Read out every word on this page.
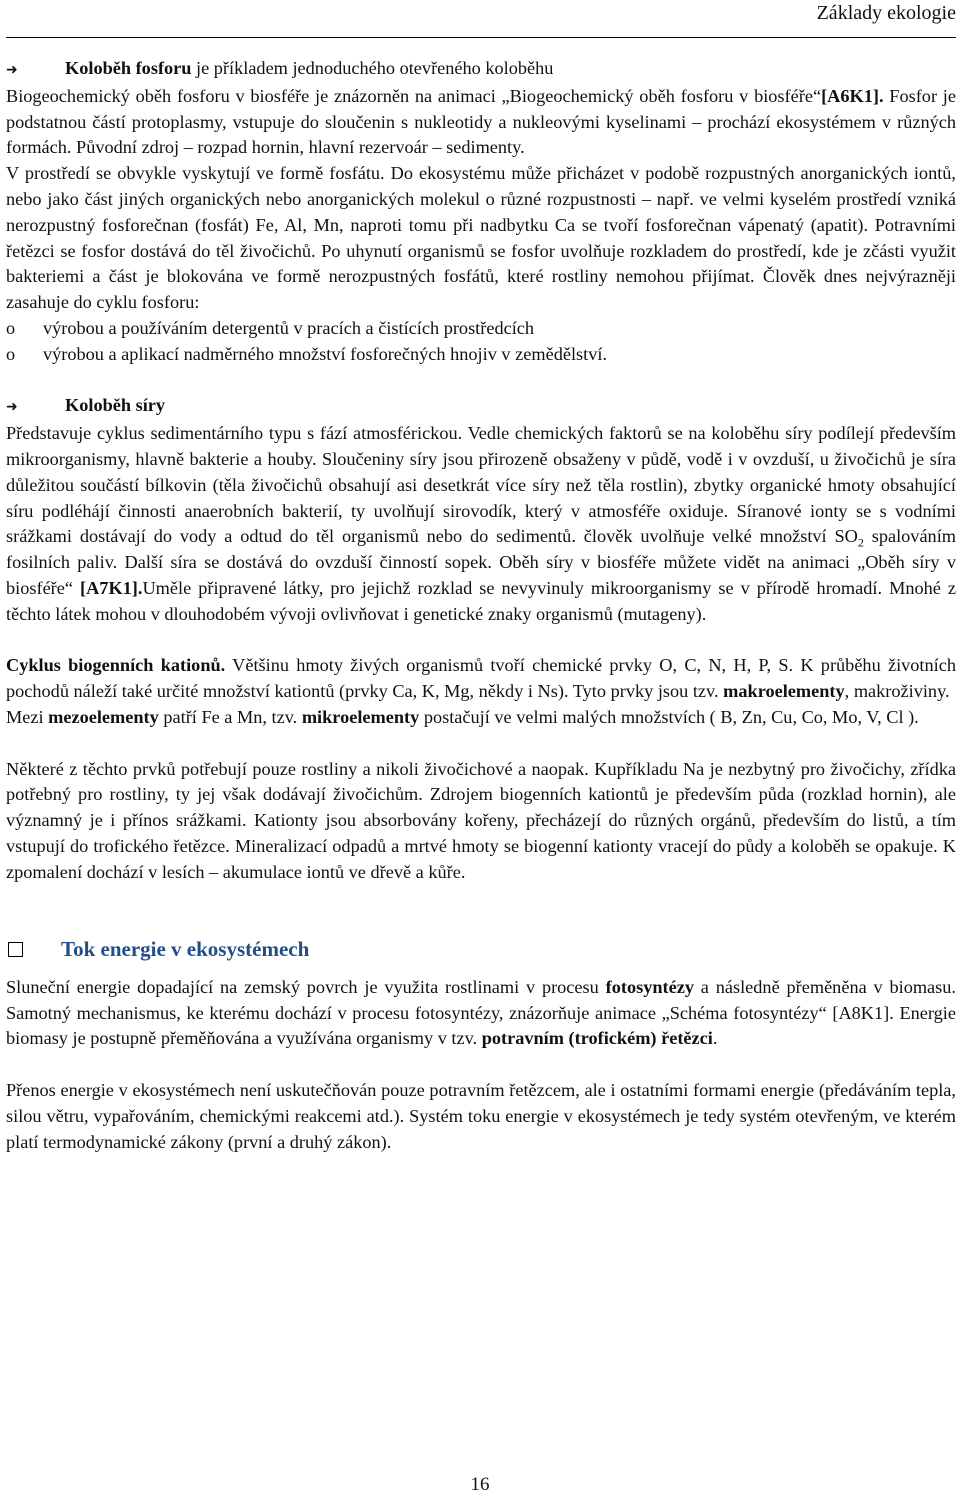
Základy ekologie

➜	Koloběh fosforu je příkladem jednoduchého otevřeného koloběhu

Biogeochemický oběh fosforu v biosféře je znázorněn na animaci „Biogeochemický oběh fosforu v biosféře“[A6K1]. Fosfor je podstatnou částí protoplasmy, vstupuje do sloučenin s nukleotidy a nukleovými kyselinami – prochází ekosystémem v různých formách. Původní zdroj – rozpad hornin, hlavní rezervoár – sedimenty.

V prostředí se obvykle vyskytují ve formě fosfátu. Do ekosystému může přicházet v podobě rozpustných anorganických iontů, nebo jako část jiných organických nebo anorganických molekul o různé rozpustnosti – např. ve velmi kyselém prostředí vzniká nerozpustný fosforečnan (fosfát) Fe, Al, Mn, naproti tomu při nadbytku Ca se tvoří fosforečnan vápenatý (apatit). Potravními řetězci se fosfor dostává do těl živočichů. Po uhynutí organismů se fosfor uvolňuje rozkladem do prostředí, kde je zčásti využit bakteriemi a část je blokována ve formě nerozpustných fosfátů, které rostliny nemohou přijímat. Člověk dnes nejvýrazněji zasahuje do cyklu fosforu:

o	výrobou a používáním detergentů v pracích a čistících prostředcích
o	výrobou a aplikací nadměrného množství fosforečných hnojiv v zemědělství.

➜	Koloběh síry

Představuje cyklus sedimentárního typu s fází atmosférickou. Vedle chemických faktorů se na koloběhu síry podílejí především mikroorganismy, hlavně bakterie a houby. Sloučeniny síry jsou přirozeně obsaženy v půdě, vodě i v ovzduší, u živočichů je síra důležitou součástí bílkovin (těla živočichů obsahují asi desetkrát více síry než těla rostlin), zbytky organické hmoty obsahující síru podléhájí činnosti anaerobních bakterií, ty uvolňují sirovodík, který v atmosféře oxiduje. Síranové ionty se s vodními srážkami dostávají do vody a odtud do těl organismů nebo do sedimentů. člověk uvolňuje velké množství $SO_2$ spalováním fosilních paliv. Další síra se dostává do ovzduší činností sopek. Oběh síry v biosféře můžete vidět na animaci „Oběh síry v biosféře“ [A7K1].Uměle připravené látky, pro jejichž rozklad se nevyvinuly mikroorganismy se v přírodě hromadí. Mnohé z těchto látek mohou v dlouhodobém vývoji ovlivňovat i genetické znaky organismů (mutageny).

Cyklus biogenních kationů. Většinu hmoty živých organismů tvoří chemické prvky O, C, N, H, P, S. K průběhu životních pochodů náleží také určité množství kationtů (prvky Ca, K, Mg, někdy i Ns). Tyto prvky jsou tzv. makroelementy, makroživiny.

Mezi mezoelementy patří Fe a Mn, tzv. mikroelementy postačují ve velmi malých množstvích ( B, Zn, Cu, Co, Mo, V, Cl ).

Některé z těchto prvků potřebují pouze rostliny a nikoli živočichové a naopak. Kupříkladu Na je nezbytný pro živočichy, zřídka potřebný pro rostliny, ty jej však dodávají živočichům. Zdrojem biogenních kationtů je především půda (rozklad hornin), ale významný je i přínos srážkami. Kationty jsou absorbovány kořeny, přecházejí do různých orgánů, především do listů, a tím vstupují do trofického řetězce. Mineralizací odpadů a mrtvé hmoty se biogenní kationty vracejí do půdy a koloběh se opakuje. K zpomalení dochází v lesích – akumulace iontů ve dřevě a kůře.

Tok energie v ekosystémech

Sluneční energie dopadající na zemský povrch je využita rostlinami v procesu fotosyntézy a následně přeměněna v biomasu. Samotný mechanismus, ke kterému dochází v procesu fotosyntézy, znázorňuje animace „Schéma fotosyntézy“ [A8K1]. Energie biomasy je postupně přeměňována a využívána organismy v tzv. potravním (trofickém) řetězci.

Přenos energie v ekosystémech není uskutečňován pouze potravním řetězcem, ale i ostatními formami energie (předáváním tepla, silou větru, vypařováním, chemickými reakcemi atd.). Systém toku energie v ekosystémech je tedy systém otevřeným, ve kterém platí termodynamické zákony (první a druhý zákon).

16
